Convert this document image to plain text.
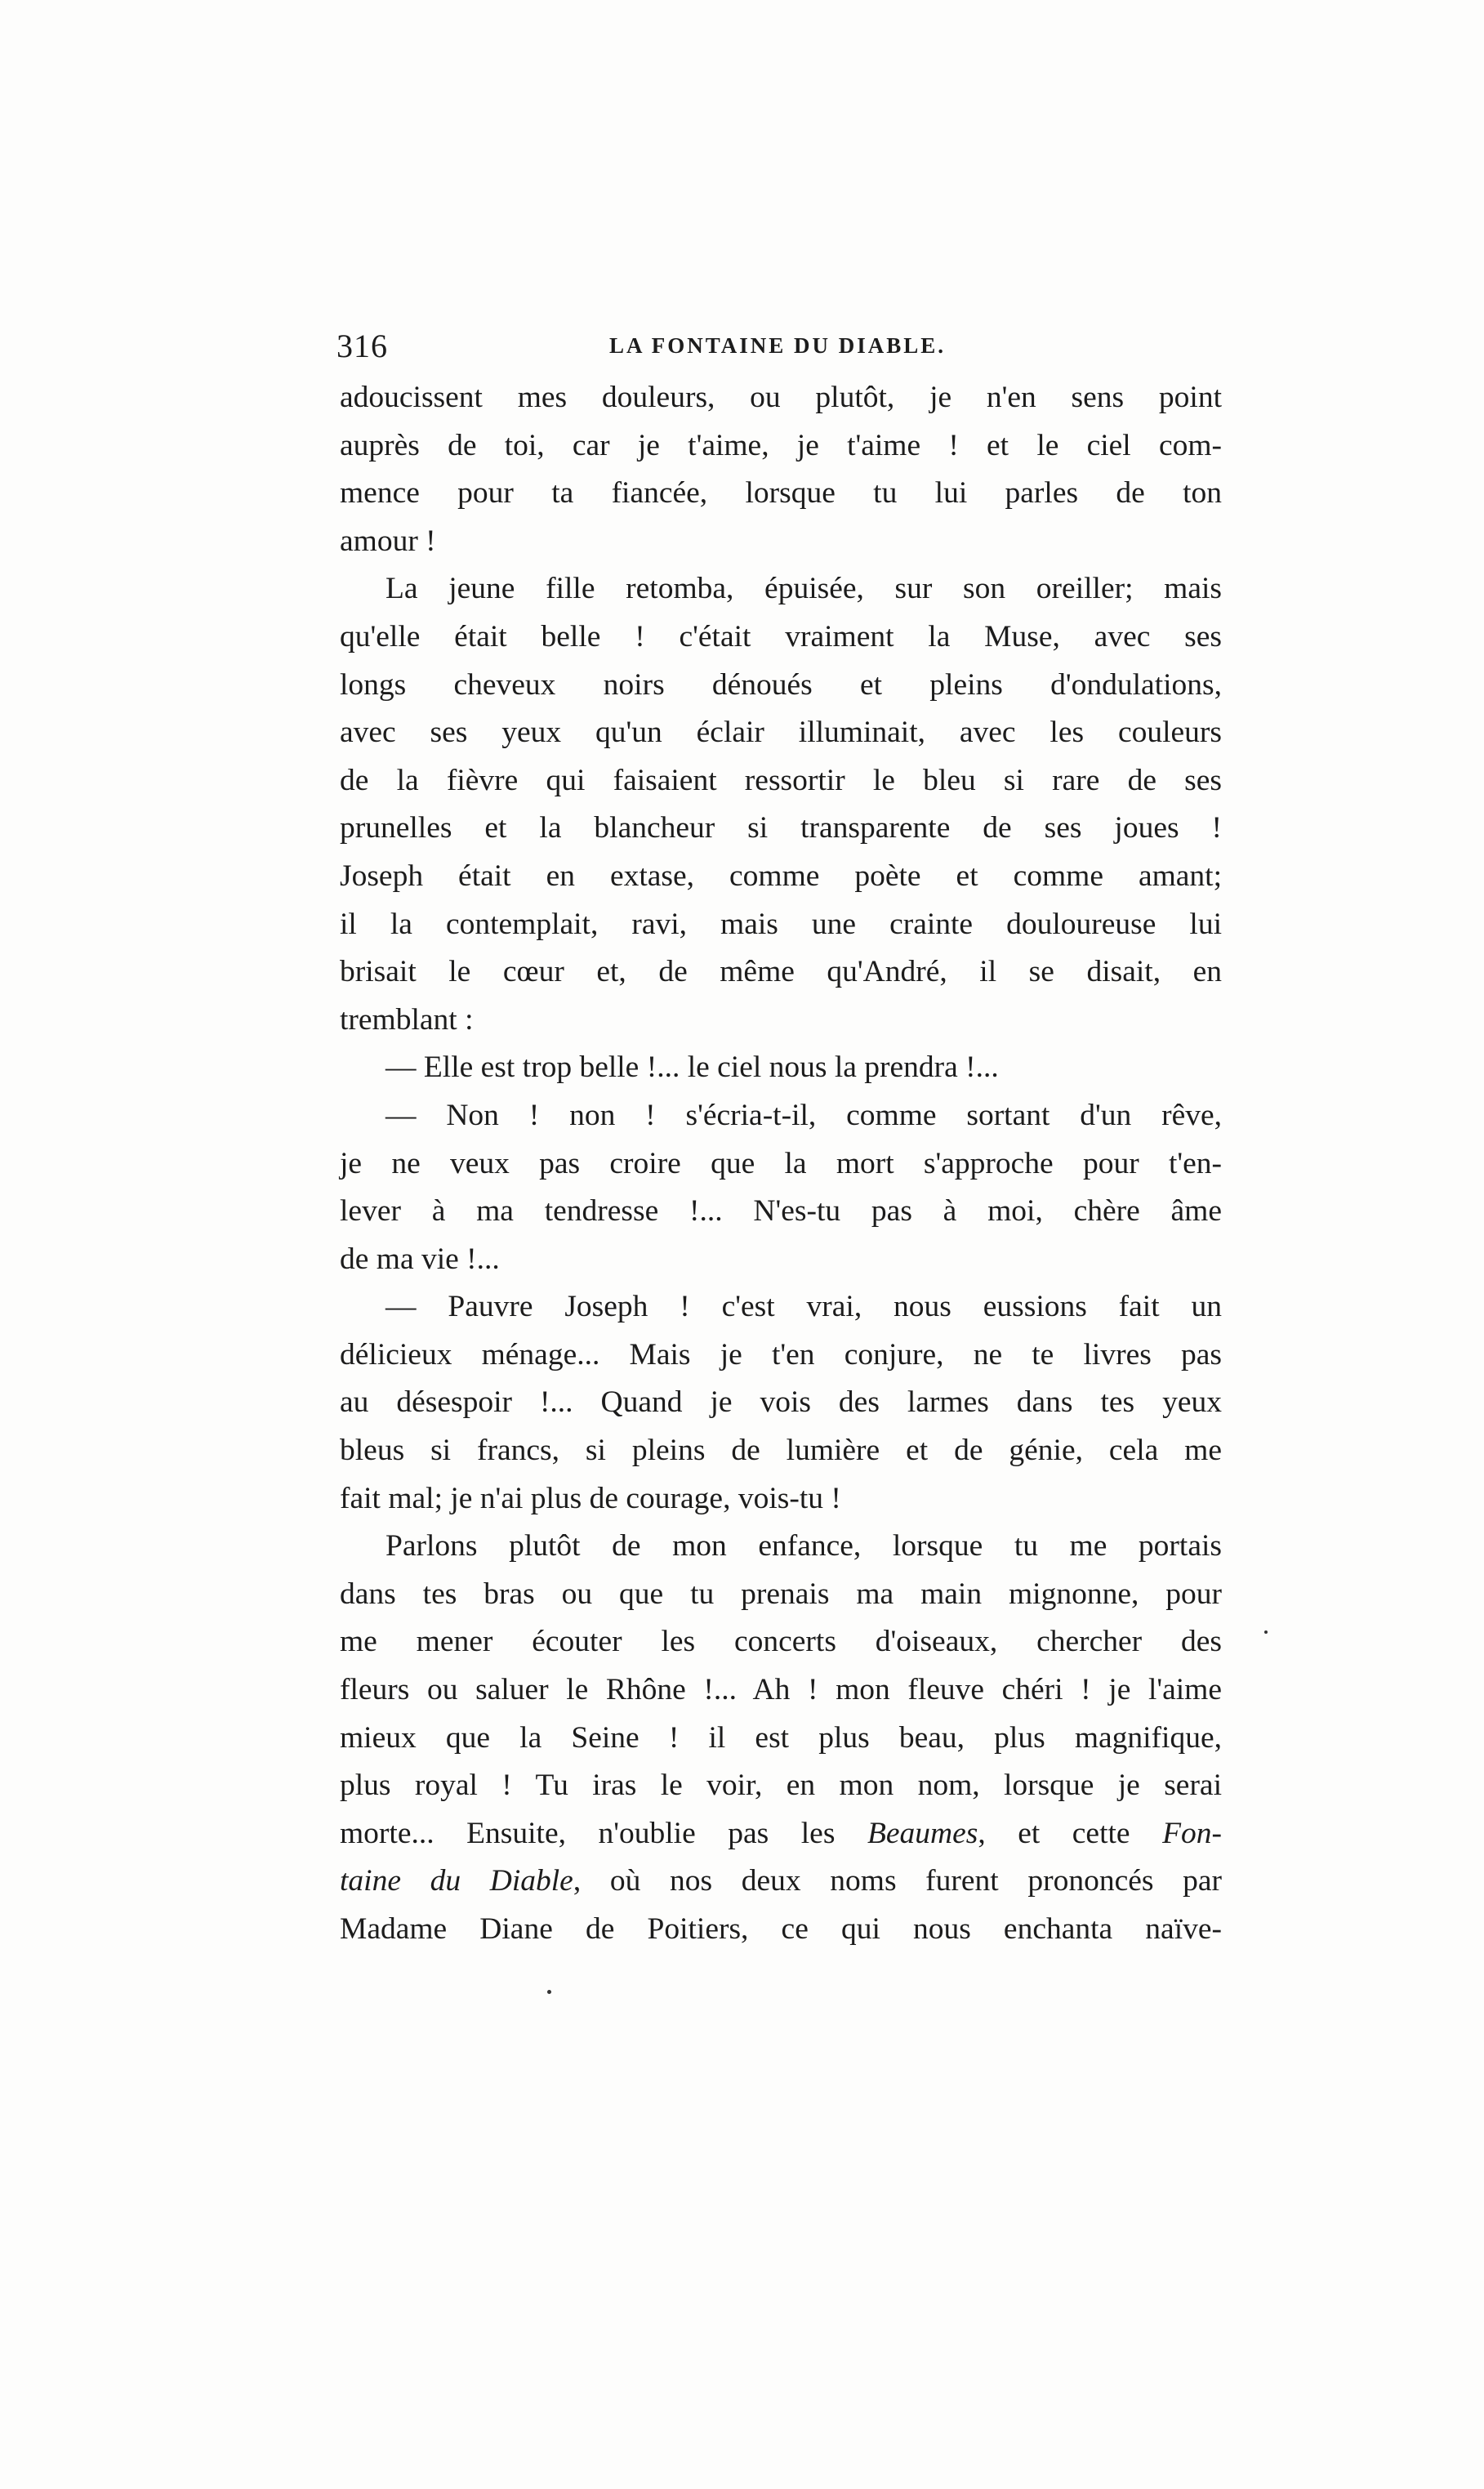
316	LA FONTAINE DU DIABLE.
adoucissent mes douleurs, ou plutôt, je n'en sens point
auprès de toi, car je t'aime, je t'aime ! et le ciel com-
mence pour ta fiancée, lorsque tu lui parles de ton
amour !
La jeune fille retomba, épuisée, sur son oreiller; mais
qu'elle était belle ! c'était vraiment la Muse, avec ses
longs cheveux noirs dénoués et pleins d'ondulations,
avec ses yeux qu'un éclair illuminait, avec les couleurs
de la fièvre qui faisaient ressortir le bleu si rare de ses
prunelles et la blancheur si transparente de ses joues !
Joseph était en extase, comme poète et comme amant;
il la contemplait, ravi, mais une crainte douloureuse lui
brisait le cœur et, de même qu'André, il se disait, en
tremblant :
— Elle est trop belle !... le ciel nous la prendra !...
— Non ! non ! s'écria-t-il, comme sortant d'un rêve,
je ne veux pas croire que la mort s'approche pour t'en-
lever à ma tendresse !... N'es-tu pas à moi, chère âme
de ma vie !...
— Pauvre Joseph ! c'est vrai, nous eussions fait un
délicieux ménage... Mais je t'en conjure, ne te livres pas
au désespoir !... Quand je vois des larmes dans tes yeux
bleus si francs, si pleins de lumière et de génie, cela me
fait mal; je n'ai plus de courage, vois-tu !
Parlons plutôt de mon enfance, lorsque tu me portais
dans tes bras ou que tu prenais ma main mignonne, pour
me mener écouter les concerts d'oiseaux, chercher des
fleurs ou saluer le Rhône !... Ah ! mon fleuve chéri ! je l'aime
mieux que la Seine ! il est plus beau, plus magnifique,
plus royal ! Tu iras le voir, en mon nom, lorsque je serai
morte... Ensuite, n'oublie pas les Beaumes, et cette Fon-
taine du Diable, où nos deux noms furent prononcés par
Madame Diane de Poitiers, ce qui nous enchanta naïve-
